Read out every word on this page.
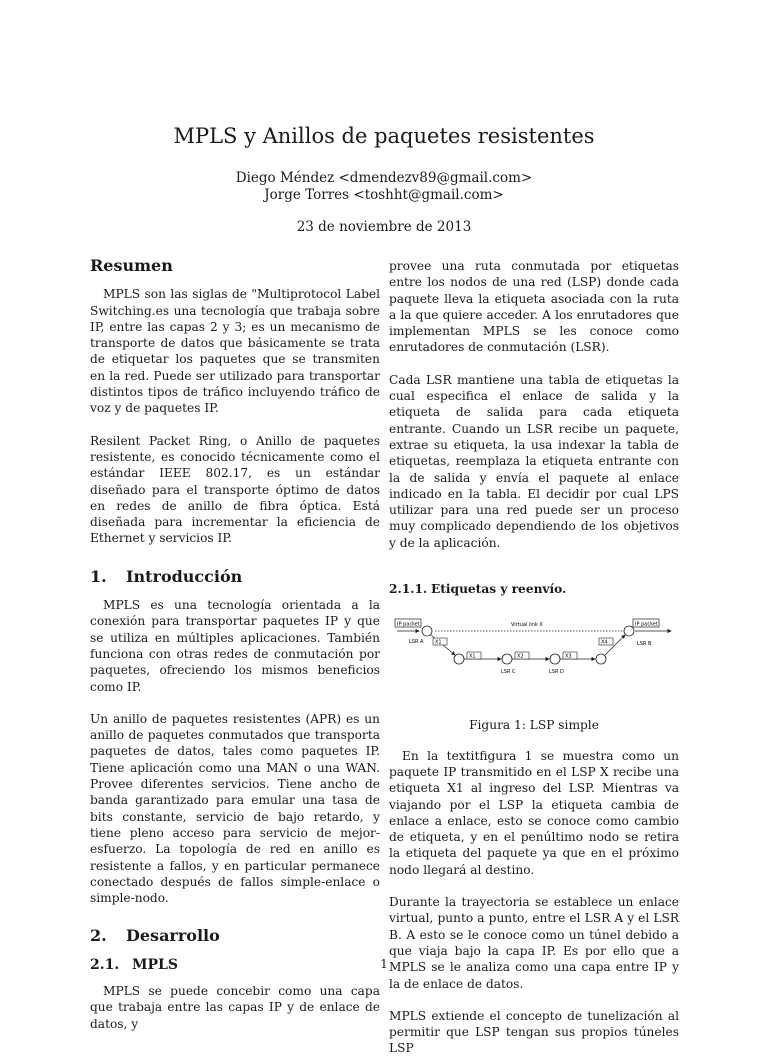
MPLS y Anillos de paquetes resistentes
Diego Méndez <dmendezv89@gmail.com>
Jorge Torres <toshht@gmail.com>
23 de noviembre de 2013
Resumen

MPLS son las siglas de "Multiprotocol Label Switching.es una tecnología que trabaja sobre IP, entre las capas 2 y 3; es un mecanismo de transporte de datos que básicamente se trata de etiquetar los paquetes que se transmiten en la red. Puede ser utilizado para transportar distintos tipos de tráfico incluyendo tráfico de voz y de paquetes IP.

Resilent Packet Ring, o Anillo de paquetes resistente, es conocido técnicamente como el estándar IEEE 802.17, es un estándar diseñado para el transporte óptimo de datos en redes de anillo de fibra óptica. Está diseñada para incrementar la eficiencia de Ethernet y servicios IP.

1. Introducción

MPLS es una tecnología orientada a la conexión para transportar paquetes IP y que se utiliza en múltiples aplicaciones. También funciona con otras redes de conmutación por paquetes, ofreciendo los mismos beneficios como IP.

Un anillo de paquetes resistentes (APR) es un anillo de paquetes conmutados que transporta paquetes de datos, tales como paquetes IP. Tiene aplicación como una MAN o una WAN. Provee diferentes servicios. Tiene ancho de banda garantizado para emular una tasa de bits constante, servicio de bajo retardo, y tiene pleno acceso para servicio de mejor-esfuerzo. La topología de red en anillo es resistente a fallos, y en particular permanece conectado después de fallos simple-enlace o simple-nodo.

2. Desarrollo
2.1. MPLS

MPLS se puede concebir como una capa que trabaja entre las capas IP y de enlace de datos, y

provee una ruta conmutada por etiquetas entre los nodos de una red (LSP) donde cada paquete lleva la etiqueta asociada con la ruta a la que quiere acceder. A los enrutadores que implementan MPLS se les conoce como enrutadores de conmutación (LSR).

Cada LSR mantiene una tabla de etiquetas la cual especifica el enlace de salida y la etiqueta de salida para cada etiqueta entrante. Cuando un LSR recibe un paquete, extrae su etiqueta, la usa indexar la tabla de etiquetas, reemplaza la etiqueta entrante con la de salida y envía el paquete al enlace indicado en la tabla. El decidir por cual LPS utilizar para una red puede ser un proceso muy complicado dependiendo de los objetivos y de la aplicación.

2.1.1. Etiquetas y reenvío.
IP packet	IP packet
Virtual link X
LSR A	LSR B
LSR C	LSR D
X1
X1	X2	X3
X4
Figura 1: LSP simple

En la textitfigura 1 se muestra como un paquete IP transmitido en el LSP X recibe una etiqueta X1 al ingreso del LSP. Mientras va viajando por el LSP la etiqueta cambia de enlace a enlace, esto se conoce como cambio de etiqueta, y en el penúltimo nodo se retira la etiqueta del paquete ya que en el próximo nodo llegará al destino.

Durante la trayectoria se establece un enlace virtual, punto a punto, entre el LSR A y el LSR B. A esto se le conoce como un túnel debido a que viaja bajo la capa IP. Es por ello que a MPLS se le analiza como una capa entre IP y la de enlace de datos.

MPLS extiende el concepto de tunelización al permitir que LSP tengan sus propios túneles LSP

1
